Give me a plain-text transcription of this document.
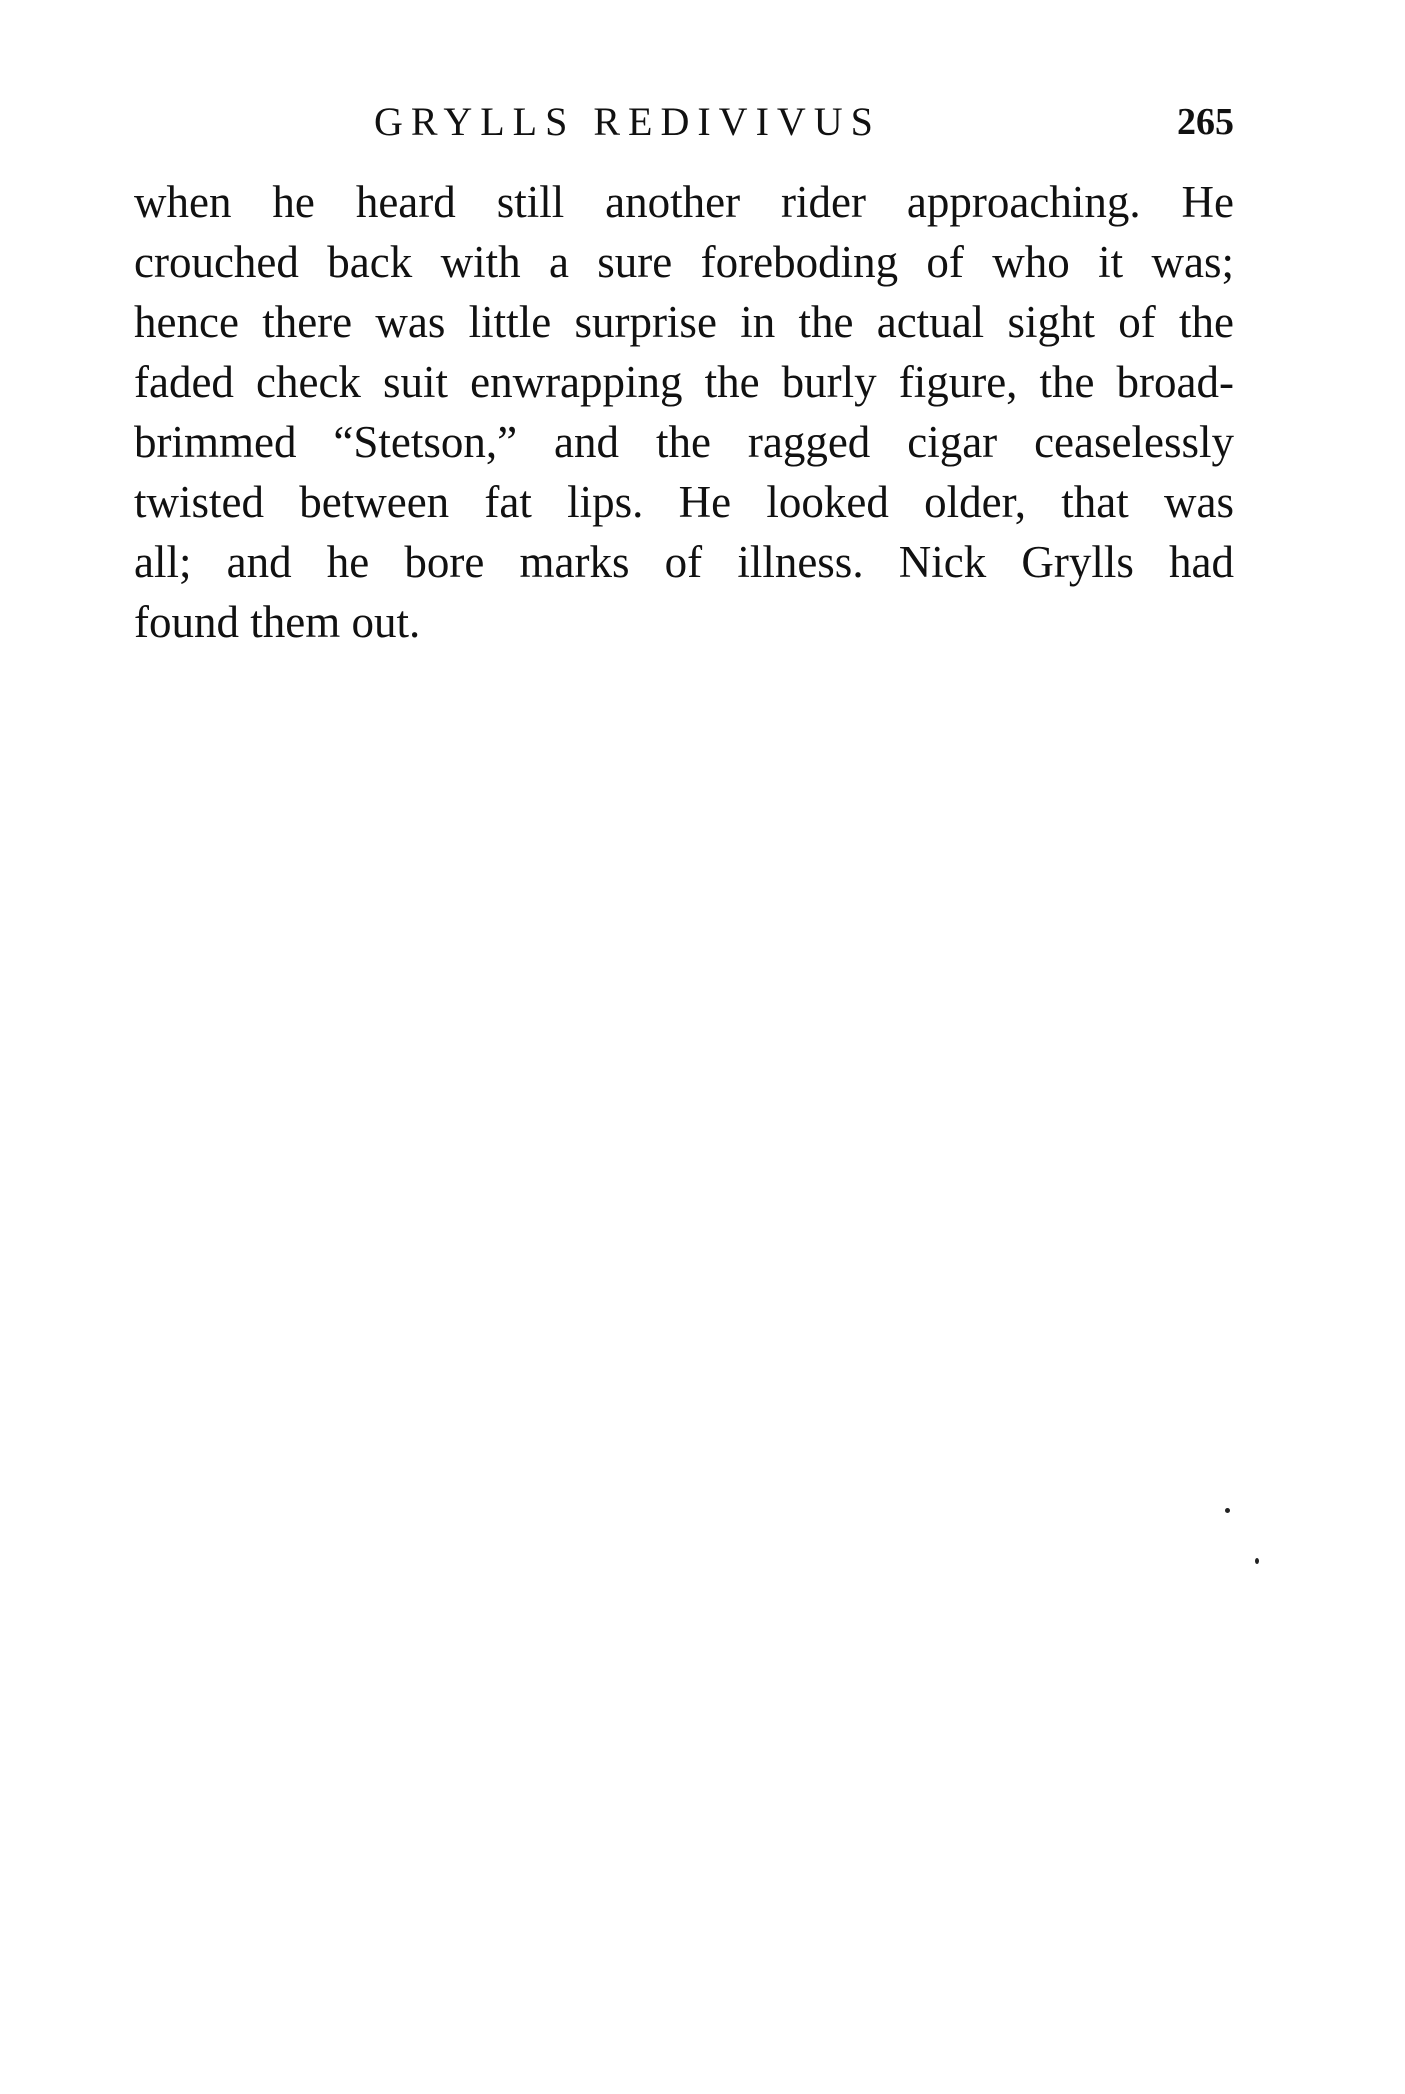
GRYLLS REDIVIVUS	265
when he heard still another rider approaching. He
crouched back with a sure foreboding of who it was;
hence there was little surprise in the actual sight of the
faded check suit enwrapping the burly figure, the broad-
brimmed “Stetson,” and the ragged cigar ceaselessly
twisted between fat lips. He looked older, that was
all; and he bore marks of illness. Nick Grylls had
found them out.
